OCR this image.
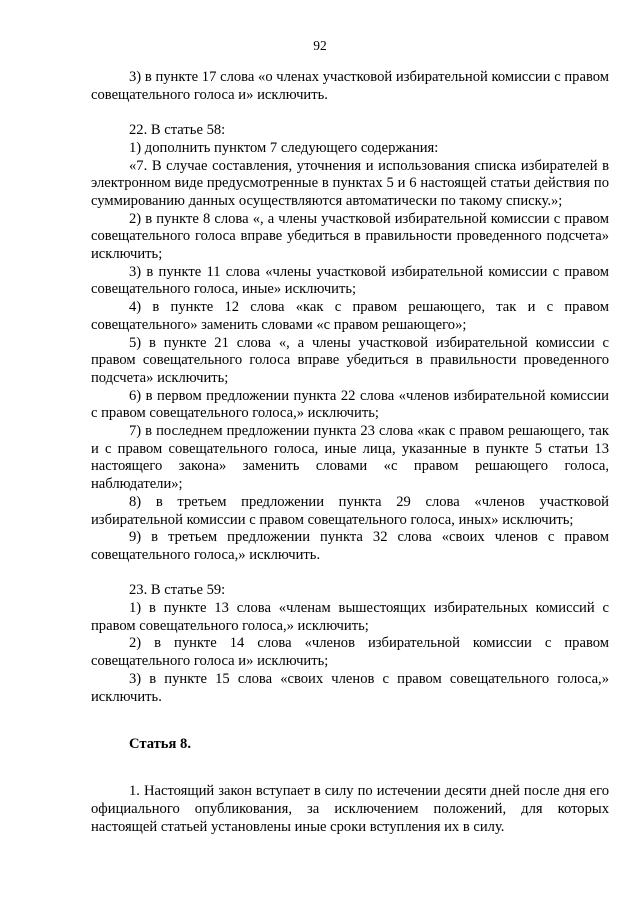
92

3) в пункте 17 слова «о членах участковой избирательной комиссии с правом совещательного голоса и» исключить.

22. В статье 58:

1) дополнить пунктом 7 следующего содержания:

«7. В случае составления, уточнения и использования списка избирателей в электронном виде предусмотренные в пунктах 5 и 6 настоящей статьи действия по суммированию данных осуществляются автоматически по такому списку.»;

2) в пункте 8 слова «, а члены участковой избирательной комиссии с правом совещательного голоса вправе убедиться в правильности проведенного подсчета» исключить;

3) в пункте 11 слова «члены участковой избирательной комиссии с правом совещательного голоса, иные» исключить;

4) в пункте 12 слова «как с правом решающего, так и с правом совещательного» заменить словами «с правом решающего»;

5) в пункте 21 слова «, а члены участковой избирательной комиссии с правом совещательного голоса вправе убедиться в правильности проведенного подсчета» исключить;

6) в первом предложении пункта 22 слова «членов избирательной комиссии с правом совещательного голоса,» исключить;

7) в последнем предложении пункта 23 слова «как с правом решающего, так и с правом совещательного голоса, иные лица, указанные в пункте 5 статьи 13 настоящего закона» заменить словами «с правом решающего голоса, наблюдатели»;

8) в третьем предложении пункта 29 слова «членов участковой избирательной комиссии с правом совещательного голоса, иных» исключить;

9) в третьем предложении пункта 32 слова «своих членов с правом совещательного голоса,» исключить.

23. В статье 59:

1) в пункте 13 слова «членам вышестоящих избирательных комиссий с правом совещательного голоса,» исключить;

2) в пункте 14 слова «членов избирательной комиссии с правом совещательного голоса и» исключить;

3) в пункте 15 слова «своих членов с правом совещательного голоса,» исключить.

Статья 8.

1. Настоящий закон вступает в силу по истечении десяти дней после дня его официального опубликования, за исключением положений, для которых настоящей статьей установлены иные сроки вступления их в силу.
